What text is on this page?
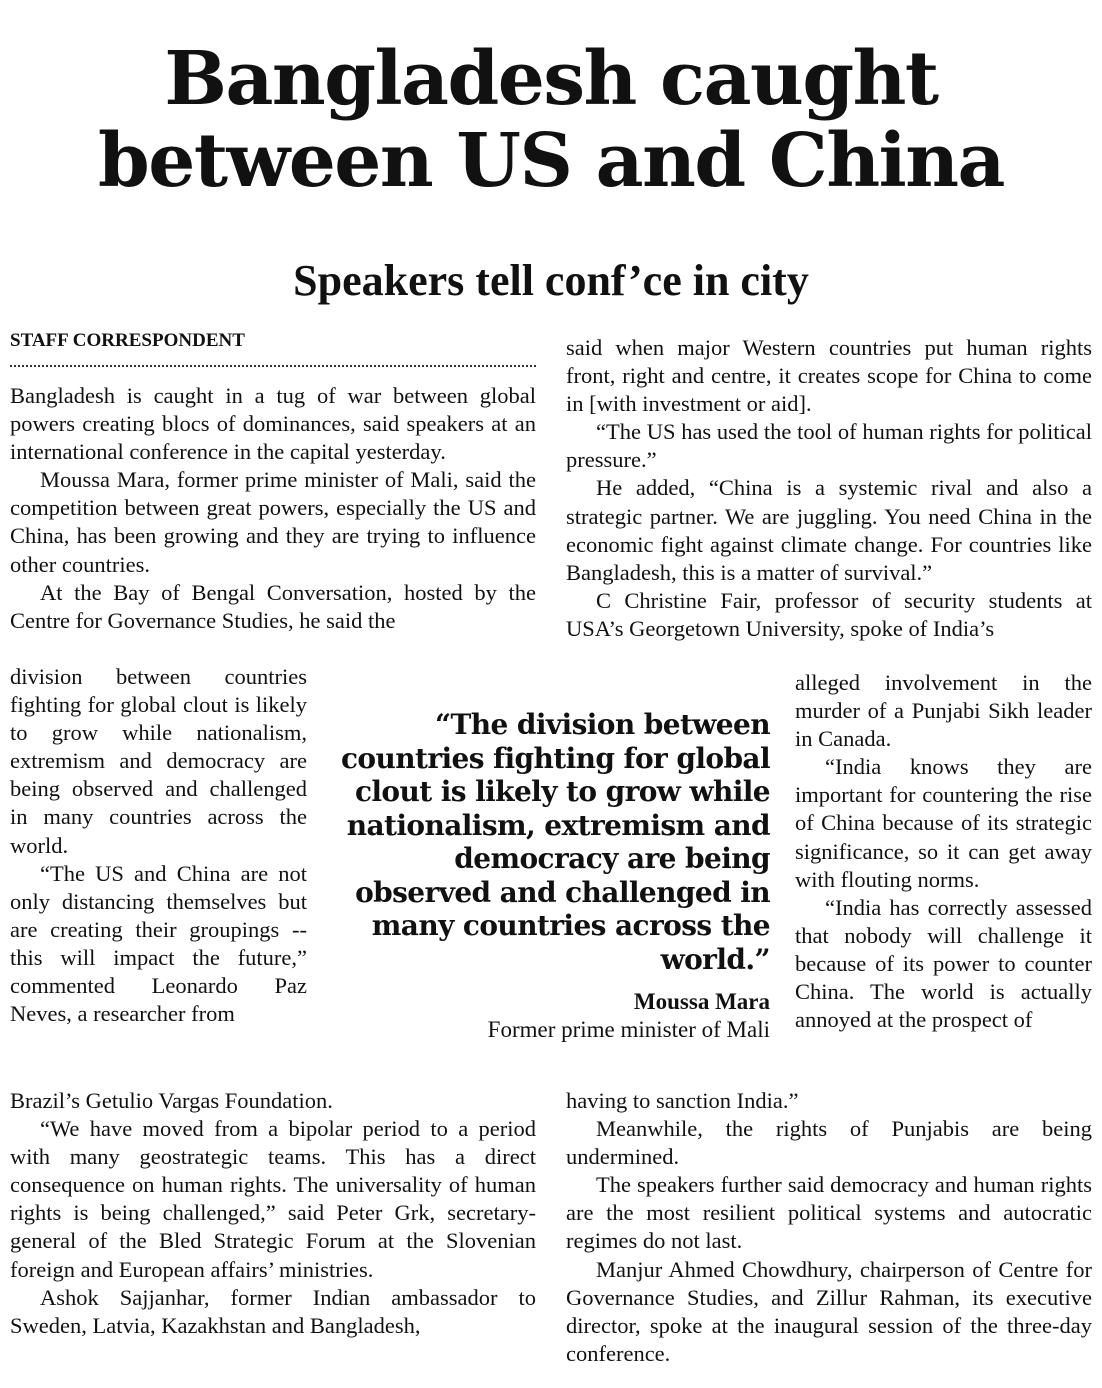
Bangladesh caught
between US and China
Speakers tell conf’ce in city
STAFF CORRESPONDENT

Bangladesh is caught in a tug of war between global powers creating blocs of dominances, said speakers at an international conference in the capital yesterday.

Moussa Mara, former prime minister of Mali, said the competition between great powers, especially the US and China, has been growing and they are trying to influence other countries.

At the Bay of Bengal Conversation, hosted by the Centre for Governance Studies, he said the

division between countries fighting for global clout is likely to grow while nationalism, extremism and democracy are being observed and challenged in many countries across the world.

“The US and China are not only distancing themselves but are creating their groupings -- this will impact the future,” commented Leonardo Paz Neves, a researcher from

Brazil’s Getulio Vargas Foundation.

“We have moved from a bipolar period to a period with many geostrategic teams. This has a direct consequence on human rights. The universality of human rights is being challenged,” said Peter Grk, secretary-general of the Bled Strategic Forum at the Slovenian foreign and European affairs’ ministries.

Ashok Sajjanhar, former Indian ambassador to Sweden, Latvia, Kazakhstan and Bangladesh,

said when major Western countries put human rights front, right and centre, it creates scope for China to come in [with investment or aid].

“The US has used the tool of human rights for political pressure.”

He added, “China is a systemic rival and also a strategic partner. We are juggling. You need China in the economic fight against climate change. For countries like Bangladesh, this is a matter of survival.”

C Christine Fair, professor of security students at USA’s Georgetown University, spoke of India’s

alleged involvement in the murder of a Punjabi Sikh leader in Canada.

“India knows they are important for countering the rise of China because of its strategic significance, so it can get away with flouting norms.

“India has correctly assessed that nobody will challenge it because of its power to counter China. The world is actually annoyed at the prospect of

having to sanction India.”

Meanwhile, the rights of Punjabis are being undermined.

The speakers further said democracy and human rights are the most resilient political systems and autocratic regimes do not last.

Manjur Ahmed Chowdhury, chairperson of Centre for Governance Studies, and Zillur Rahman, its executive director, spoke at the inaugural session of the three-day conference.

“The division between countries fighting for global clout is likely to grow while nationalism, extremism and democracy are being observed and challenged in many countries across the world.”
Moussa Mara
Former prime minister of Mali
